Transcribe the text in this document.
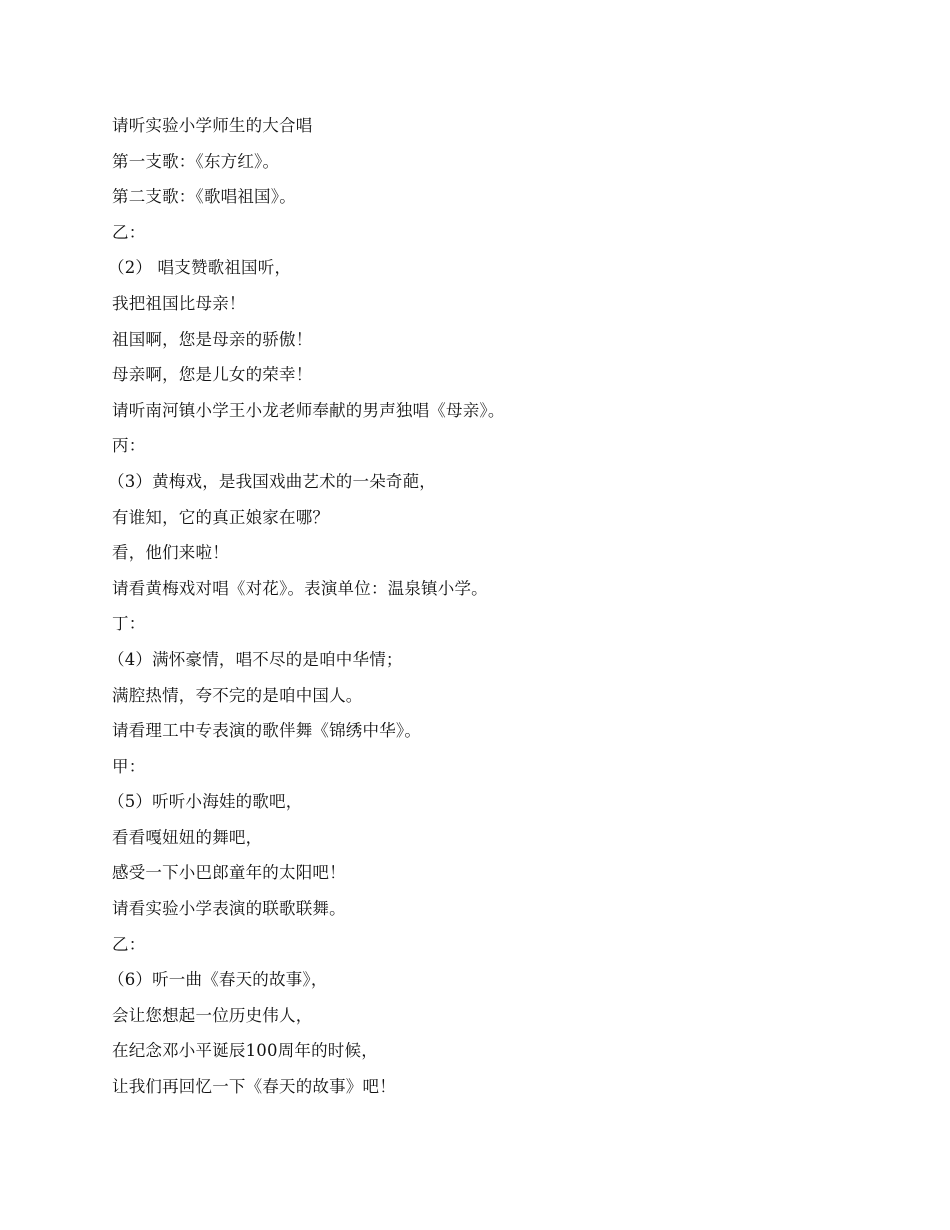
请听实验小学师生的大合唱
第一支歌：《东方红》。
第二支歌：《歌唱祖国》。
乙：
（2） 唱支赞歌祖国听，
我把祖国比母亲！
祖国啊，您是母亲的骄傲！
母亲啊，您是儿女的荣幸！
请听南河镇小学王小龙老师奉献的男声独唱《母亲》。
丙：
（3）黄梅戏，是我国戏曲艺术的一朵奇葩，
有谁知，它的真正娘家在哪？
看，他们来啦！
请看黄梅戏对唱《对花》。表演单位：温泉镇小学。
丁：
（4）满怀豪情，唱不尽的是咱中华情；
满腔热情，夸不完的是咱中国人。
请看理工中专表演的歌伴舞《锦绣中华》。
甲：
（5）听听小海娃的歌吧，
看看嘎妞妞的舞吧，
感受一下小巴郎童年的太阳吧！
请看实验小学表演的联歌联舞。
乙：
（6）听一曲《春天的故事》，
会让您想起一位历史伟人，
在纪念邓小平诞辰100周年的时候，
让我们再回忆一下《春天的故事》吧！
